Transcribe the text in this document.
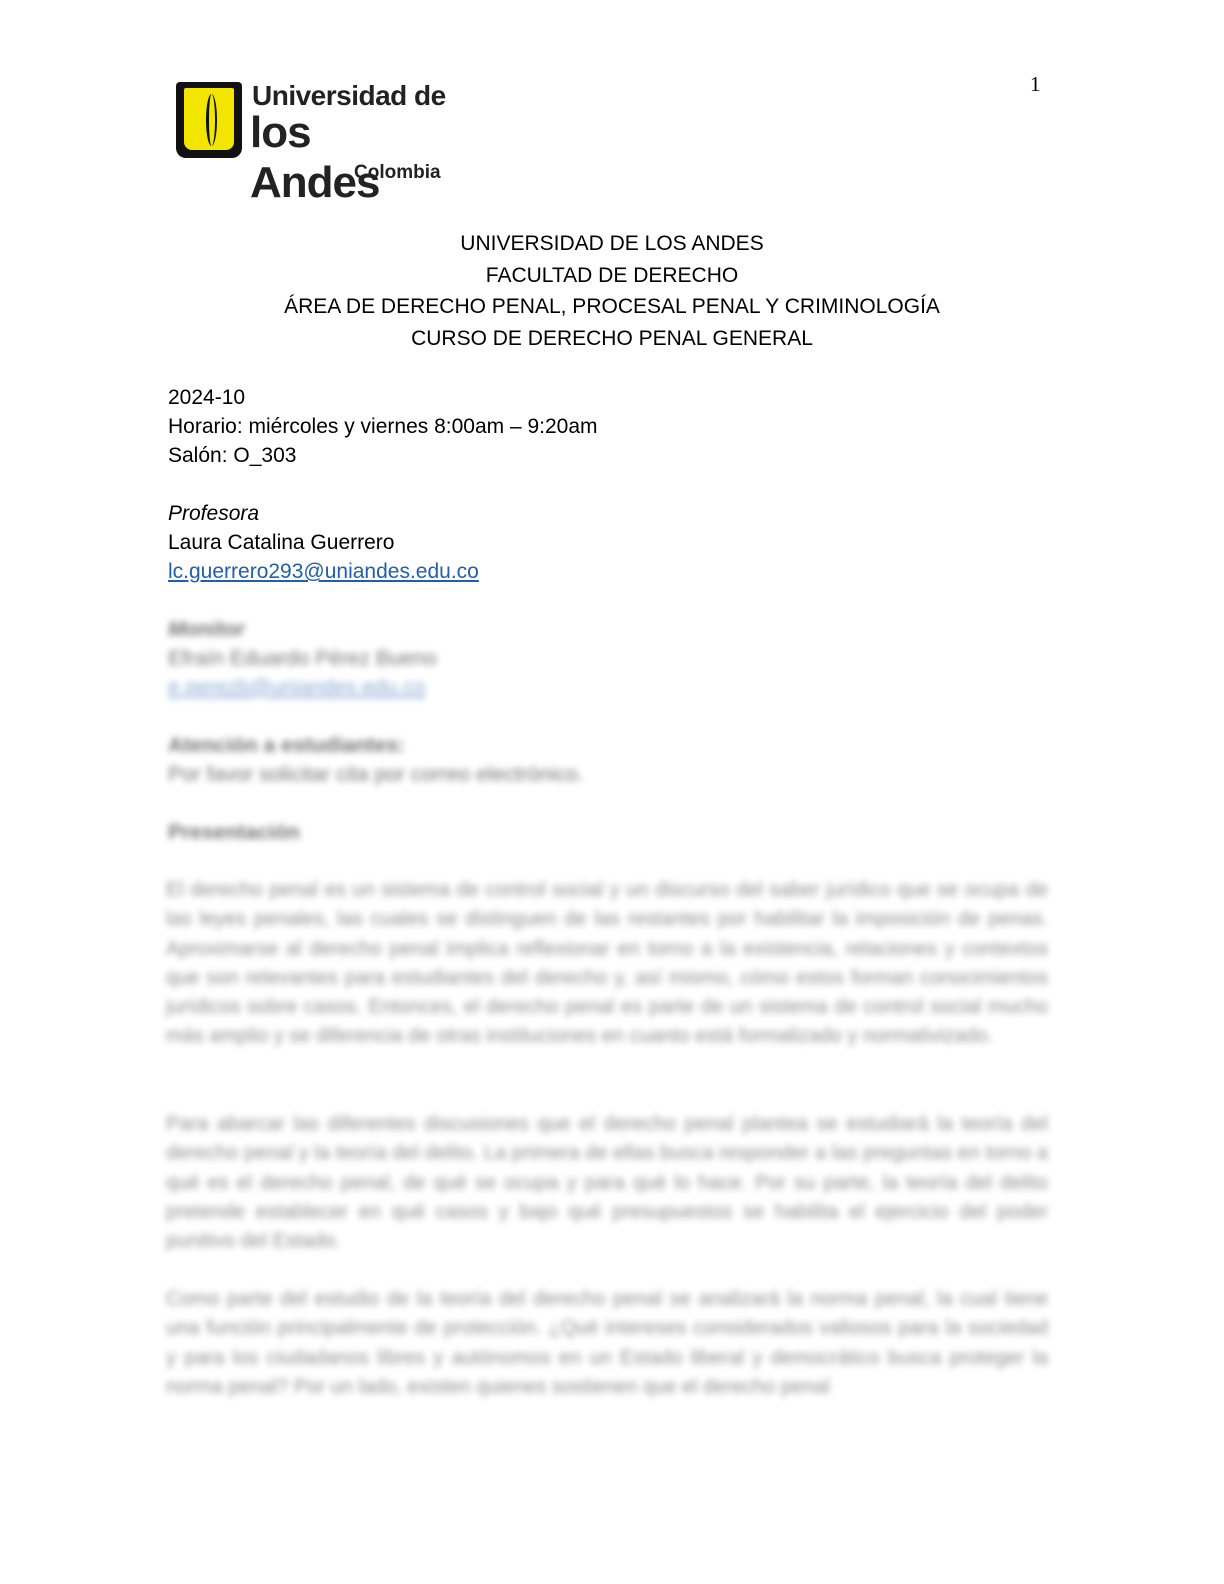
1
Universidad de
los Andes
Colombia
UNIVERSIDAD DE LOS ANDES
FACULTAD DE DERECHO
ÁREA DE DERECHO PENAL, PROCESAL PENAL Y CRIMINOLOGÍA
CURSO DE DERECHO PENAL GENERAL
2024-10
Horario: miércoles y viernes 8:00am – 9:20am
Salón: O_303
Profesora
Laura Catalina Guerrero
lc.guerrero293@uniandes.edu.co
Monitor
Efraín Eduardo Pérez Bueno
e.perezb@uniandes.edu.co
Atención a estudiantes:
Por favor solicitar cita por correo electrónico.
Presentación
El derecho penal es un sistema de control social y un discurso del saber jurídico que se ocupa de las leyes penales, las cuales se distinguen de las restantes por habilitar la imposición de penas. Aproximarse al derecho penal implica reflexionar en torno a la existencia, relaciones y contextos que son relevantes para estudiantes del derecho y, así mismo, cómo estos forman conocimientos jurídicos sobre casos. Entonces, el derecho penal es parte de un sistema de control social mucho más amplio y se diferencia de otras instituciones en cuanto está formalizado y normativizado.
Para abarcar las diferentes discusiones que el derecho penal plantea se estudiará la teoría del derecho penal y la teoría del delito. La primera de ellas busca responder a las preguntas en torno a qué es el derecho penal, de qué se ocupa y para qué lo hace. Por su parte, la teoría del delito pretende establecer en qué casos y bajo qué presupuestos se habilita el ejercicio del poder punitivo del Estado.
Como parte del estudio de la teoría del derecho penal se analizará la norma penal, la cual tiene una función principalmente de protección. ¿Qué intereses considerados valiosos para la sociedad y para los ciudadanos libres y autónomos en un Estado liberal y democrático busca proteger la norma penal? Por un lado, existen quienes sostienen que el derecho penal
